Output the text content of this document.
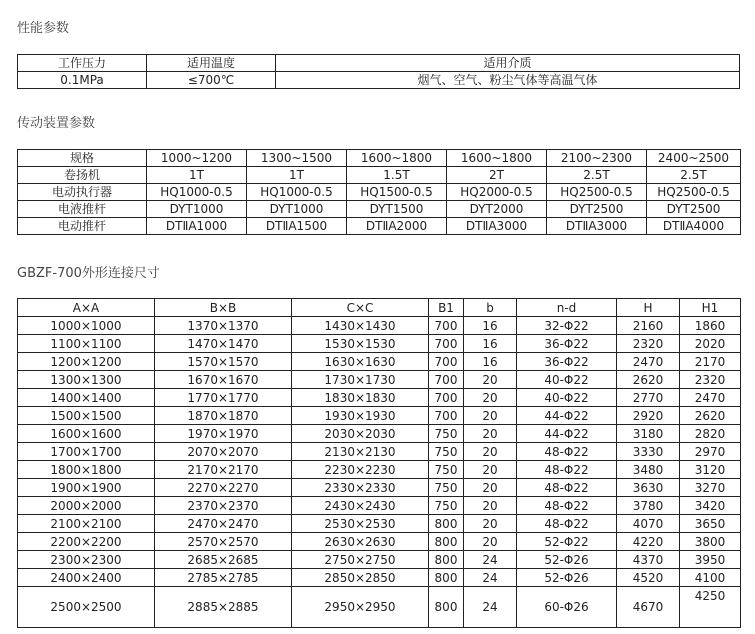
性能参数
工作压力	适用温度	适用介质
0.1MPa	≤700℃	烟气、空气、粉尘气体等高温气体
传动装置参数
规格	1000~1200	1300~1500	1600~1800	1600~1800	2100~2300	2400~2500
卷扬机	1T	1T	1.5T	2T	2.5T	2.5T
电动执行器	HQ1000-0.5	HQ1000-0.5	HQ1500-0.5	HQ2000-0.5	HQ2500-0.5	HQ2500-0.5
电液推杆	DYT1000	DYT1000	DYT1500	DYT2000	DYT2500	DYT2500
电动推杆	DTⅡA1000	DTⅡA1500	DTⅡA2000	DTⅡA3000	DTⅡA3000	DTⅡA4000
GBZF-700外形连接尺寸
A×A	B×B	C×C	B1	b	n-d	H	H1
1000×1000	1370×1370	1430×1430	700	16	32-Φ22	2160	1860
1100×1100	1470×1470	1530×1530	700	16	36-Φ22	2320	2020
1200×1200	1570×1570	1630×1630	700	16	36-Φ22	2470	2170
1300×1300	1670×1670	1730×1730	700	20	40-Φ22	2620	2320
1400×1400	1770×1770	1830×1830	700	20	40-Φ22	2770	2470
1500×1500	1870×1870	1930×1930	700	20	44-Φ22	2920	2620
1600×1600	1970×1970	2030×2030	750	20	44-Φ22	3180	2820
1700×1700	2070×2070	2130×2130	750	20	48-Φ22	3330	2970
1800×1800	2170×2170	2230×2230	750	20	48-Φ22	3480	3120
1900×1900	2270×2270	2330×2330	750	20	48-Φ22	3630	3270
2000×2000	2370×2370	2430×2430	750	20	48-Φ22	3780	3420
2100×2100	2470×2470	2530×2530	800	20	48-Φ22	4070	3650
2200×2200	2570×2570	2630×2630	800	20	52-Φ22	4220	3800
2300×2300	2685×2685	2750×2750	800	24	52-Φ26	4370	3950
2400×2400	2785×2785	2850×2850	800	24	52-Φ26	4520	4100
2500×2500	2885×2885	2950×2950	800	24	60-Φ26	4670	4250
